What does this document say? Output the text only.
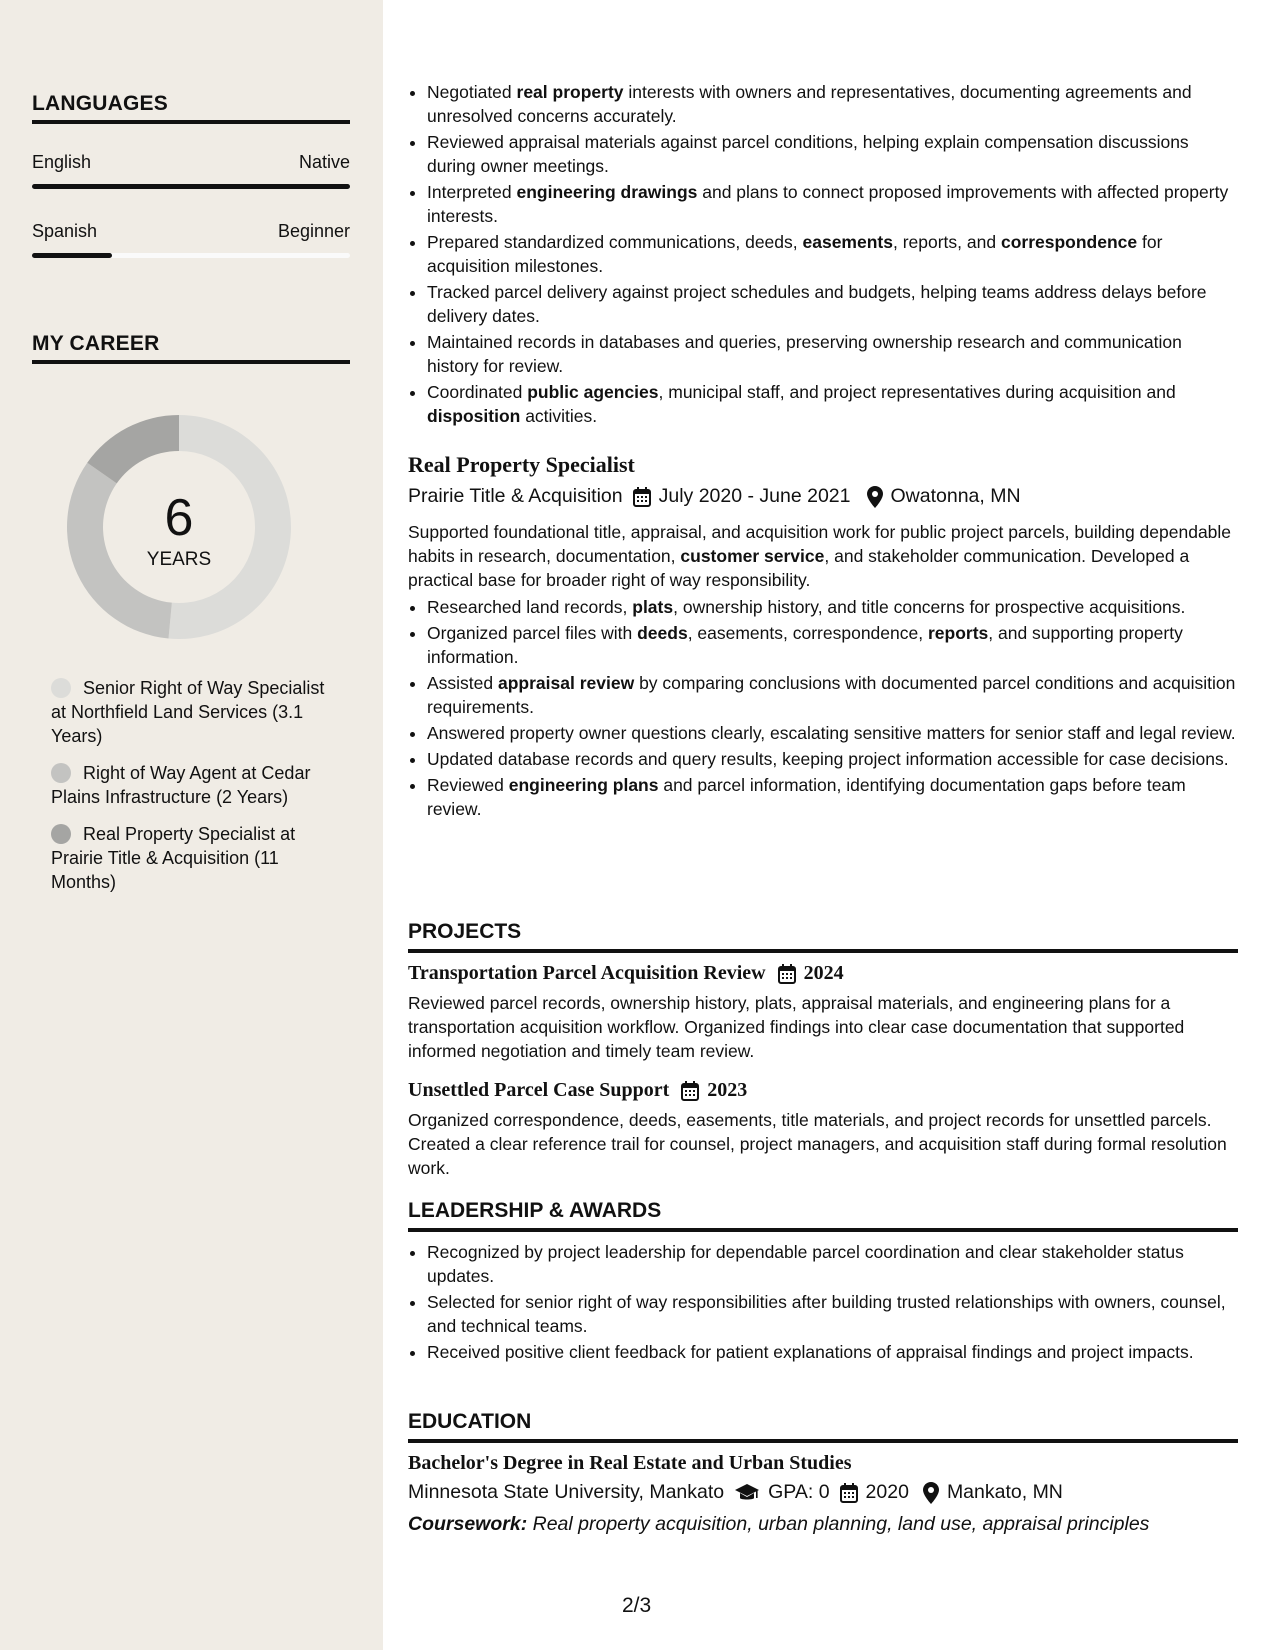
LANGUAGES
English	Native
Spanish	Beginner
MY CAREER
6
YEARS
Senior Right of Way Specialist at Northfield Land Services (3.1 Years)
Right of Way Agent at Cedar Plains Infrastructure (2 Years)
Real Property Specialist at Prairie Title & Acquisition (11 Months)
• Negotiated real property interests with owners and representatives, documenting agreements and unresolved concerns accurately.
• Reviewed appraisal materials against parcel conditions, helping explain compensation discussions during owner meetings.
• Interpreted engineering drawings and plans to connect proposed improvements with affected property interests.
• Prepared standardized communications, deeds, easements, reports, and correspondence for acquisition milestones.
• Tracked parcel delivery against project schedules and budgets, helping teams address delays before delivery dates.
• Maintained records in databases and queries, preserving ownership research and communication history for review.
• Coordinated public agencies, municipal staff, and project representatives during acquisition and disposition activities.
Real Property Specialist
Prairie Title & Acquisition July 2020 - June 2021 Owatonna, MN
Supported foundational title, appraisal, and acquisition work for public project parcels, building dependable habits in research, documentation, customer service, and stakeholder communication. Developed a practical base for broader right of way responsibility.
• Researched land records, plats, ownership history, and title concerns for prospective acquisitions.
• Organized parcel files with deeds, easements, correspondence, reports, and supporting property information.
• Assisted appraisal review by comparing conclusions with documented parcel conditions and acquisition requirements.
• Answered property owner questions clearly, escalating sensitive matters for senior staff and legal review.
• Updated database records and query results, keeping project information accessible for case decisions.
• Reviewed engineering plans and parcel information, identifying documentation gaps before team review.
PROJECTS
Transportation Parcel Acquisition Review 2024
Reviewed parcel records, ownership history, plats, appraisal materials, and engineering plans for a transportation acquisition workflow. Organized findings into clear case documentation that supported informed negotiation and timely team review.
Unsettled Parcel Case Support 2023
Organized correspondence, deeds, easements, title materials, and project records for unsettled parcels. Created a clear reference trail for counsel, project managers, and acquisition staff during formal resolution work.
LEADERSHIP & AWARDS
• Recognized by project leadership for dependable parcel coordination and clear stakeholder status updates.
• Selected for senior right of way responsibilities after building trusted relationships with owners, counsel, and technical teams.
• Received positive client feedback for patient explanations of appraisal findings and project impacts.
EDUCATION
Bachelor's Degree in Real Estate and Urban Studies
Minnesota State University, Mankato GPA: 0 2020 Mankato, MN
Coursework: Real property acquisition, urban planning, land use, appraisal principles
2/3
